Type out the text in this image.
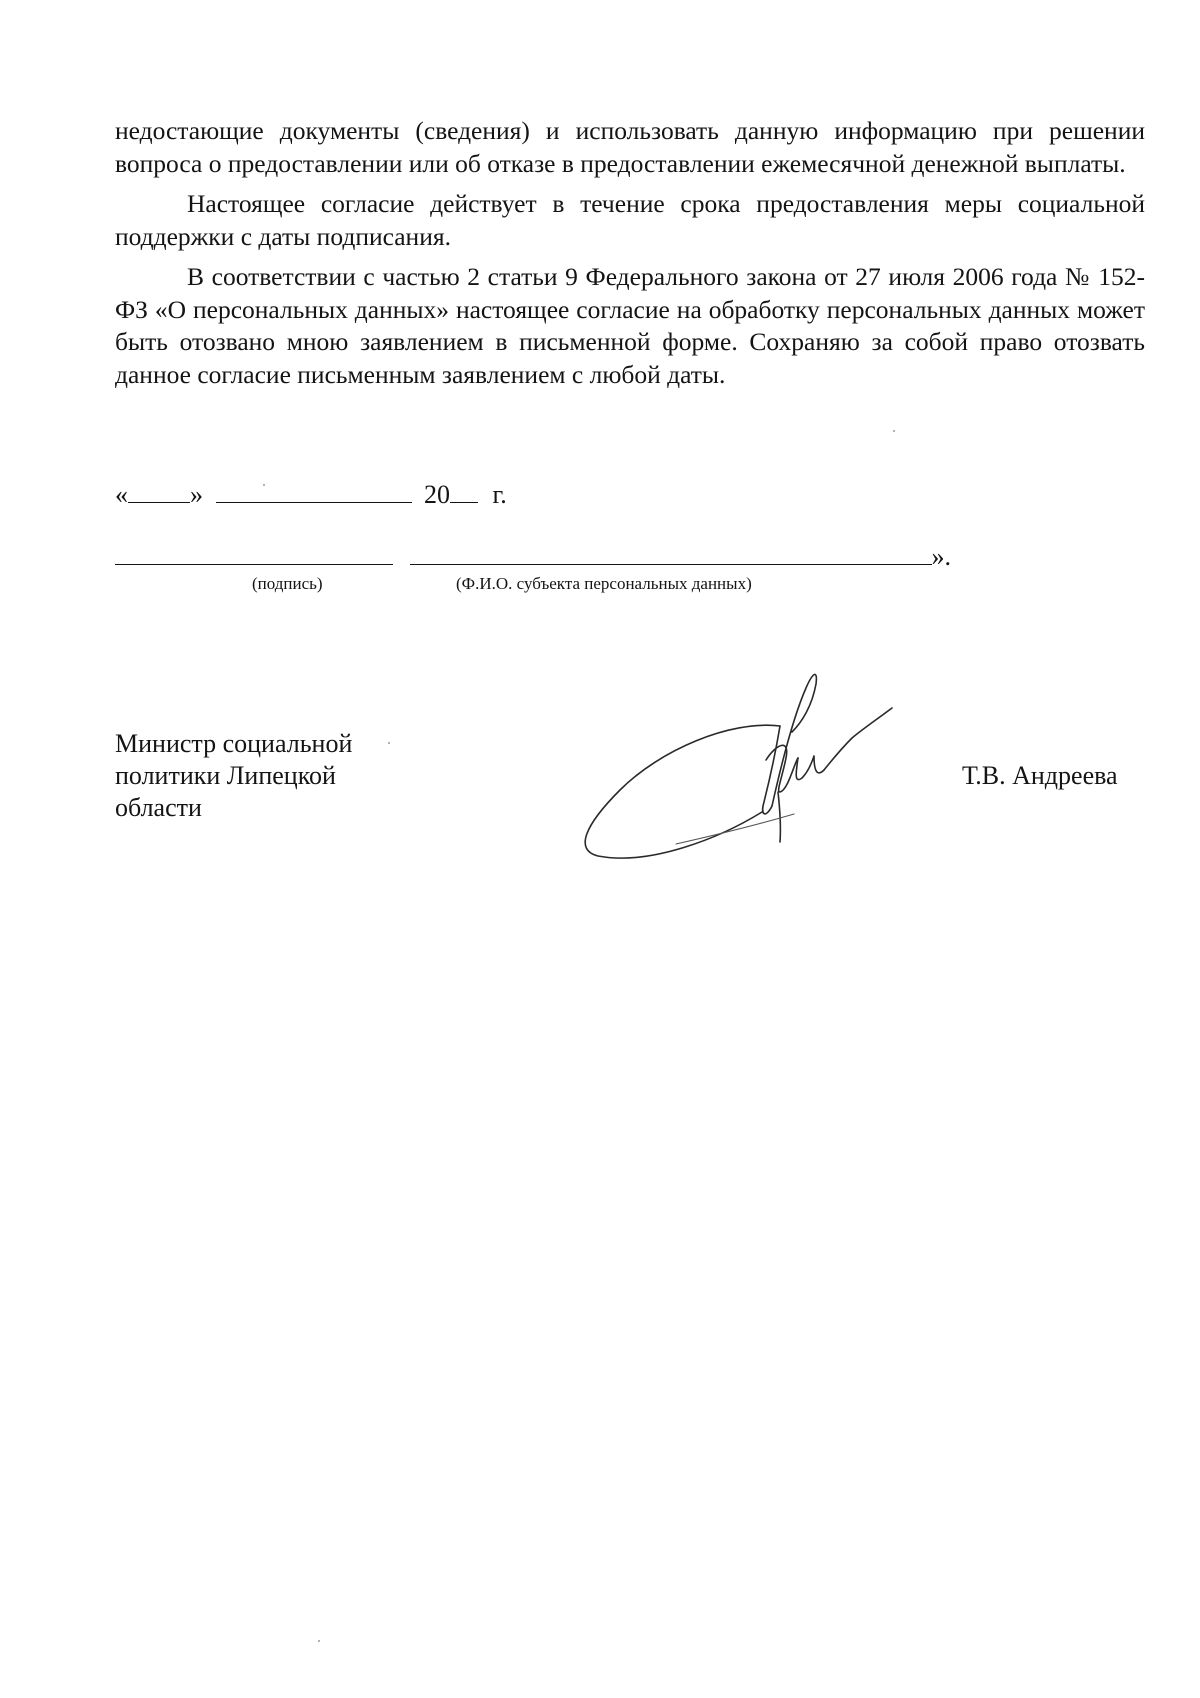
недостающие документы (сведения) и использовать данную информацию при решении вопроса о предоставлении или об отказе в предоставлении ежемесячной денежной выплаты.

Настоящее согласие действует в течение срока предоставления меры социальной поддержки с даты подписания.

В соответствии с частью 2 статьи 9 Федерального закона от 27 июля 2006 года № 152-ФЗ «О персональных данных» настоящее согласие на обработку персональных данных может быть отозвано мною заявлением в письменной форме. Сохраняю за собой право отозвать данное согласие письменным заявлением с любой даты.

« »	20 г.
».
(подпись)	(Ф.И.О. субъекта персональных данных)
Министр социальной
политики Липецкой
области
Т.В. Андреева
